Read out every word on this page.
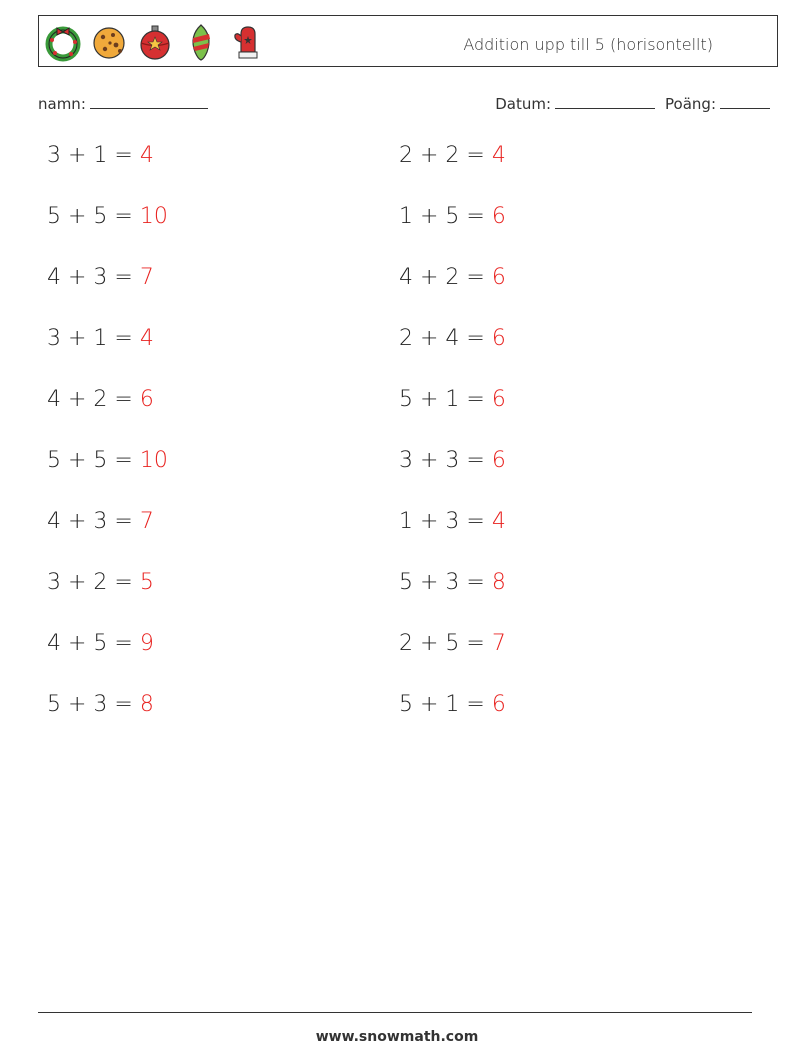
Addition upp till 5 (horisontellt)
namn:	Datum:	Poäng:
3 + 1 = 4	2 + 2 = 4
5 + 5 = 10	1 + 5 = 6
4 + 3 = 7	4 + 2 = 6
3 + 1 = 4	2 + 4 = 6
4 + 2 = 6	5 + 1 = 6
5 + 5 = 10	3 + 3 = 6
4 + 3 = 7	1 + 3 = 4
3 + 2 = 5	5 + 3 = 8
4 + 5 = 9	2 + 5 = 7
5 + 3 = 8	5 + 1 = 6
www.snowmath.com
